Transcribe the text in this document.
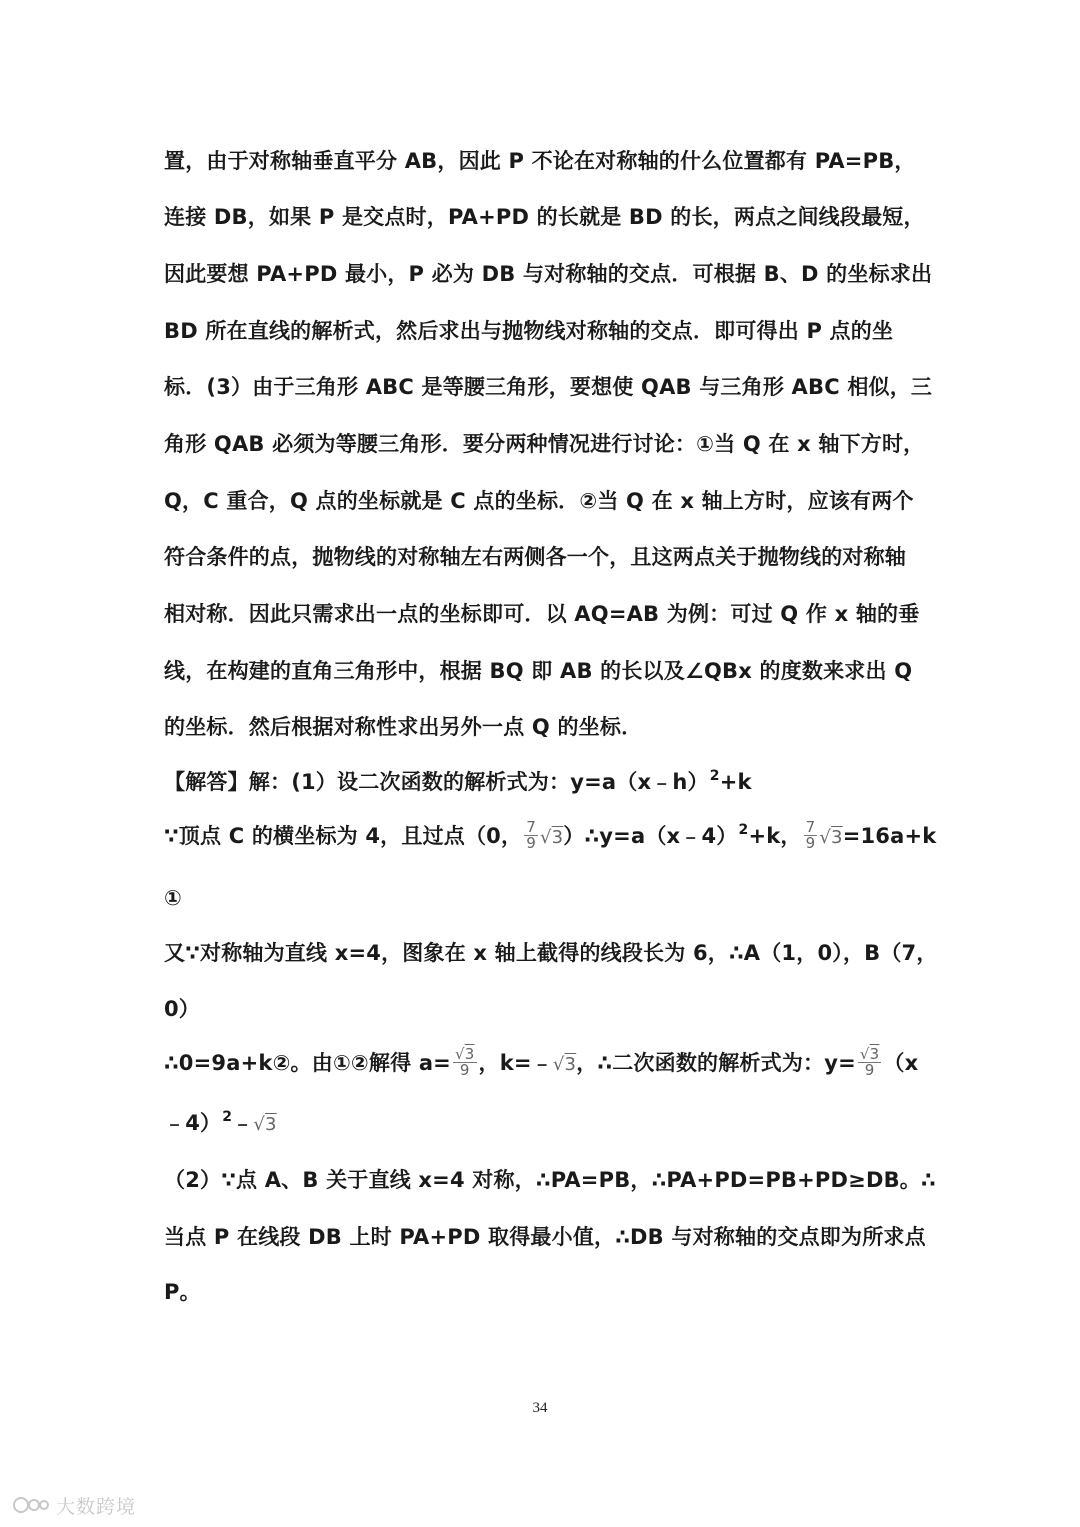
置，由于对称轴垂直平分 AB，因此 P 不论在对称轴的什么位置都有 PA=PB，
连接 DB，如果 P 是交点时，PA+PD 的长就是 BD 的长，两点之间线段最短，
因此要想 PA+PD 最小，P 必为 DB 与对称轴的交点．可根据 B、D 的坐标求出
BD 所在直线的解析式，然后求出与抛物线对称轴的交点．即可得出 P 点的坐
标．(3）由于三角形 ABC 是等腰三角形，要想使 QAB 与三角形 ABC 相似，三
角形 QAB 必须为等腰三角形．要分两种情况进行讨论：①当 Q 在 x 轴下方时，
Q，C 重合，Q 点的坐标就是 C 点的坐标．②当 Q 在 x 轴上方时，应该有两个
符合条件的点，抛物线的对称轴左右两侧各一个，且这两点关于抛物线的对称轴
相对称．因此只需求出一点的坐标即可．以 AQ=AB 为例：可过 Q 作 x 轴的垂
线，在构建的直角三角形中，根据 BQ 即 AB 的长以及∠QBx 的度数来求出 Q
的坐标．然后根据对称性求出另外一点 Q 的坐标．
【解答】解：(1）设二次函数的解析式为：y=a（x﹣h）$^2$+k
∵顶点 C 的横坐标为 4，且过点（0， $\frac{7}{9}$ √3）∴y=a（x﹣4）$^2$+k， $\frac{7}{9} √3=16a+k$
①
又∵对称轴为直线 x=4，图象在 x 轴上截得的线段长为 6，∴A（1，0），B（7，
0）
∴0=9a+k②。由①②解得 $a= \frac{√3}{9}$ ，k=﹣√3，∴二次函数的解析式为：$y= \frac{√3}{9} (x$
﹣4）$^2$﹣√3
（2）∵点 A、B 关于直线 x=4 对称，∴PA=PB，∴PA+PD=PB+PD≥DB。∴
当点 P 在线段 DB 上时 PA+PD 取得最小值，∴DB 与对称轴的交点即为所求点
P。
34
大数跨境
